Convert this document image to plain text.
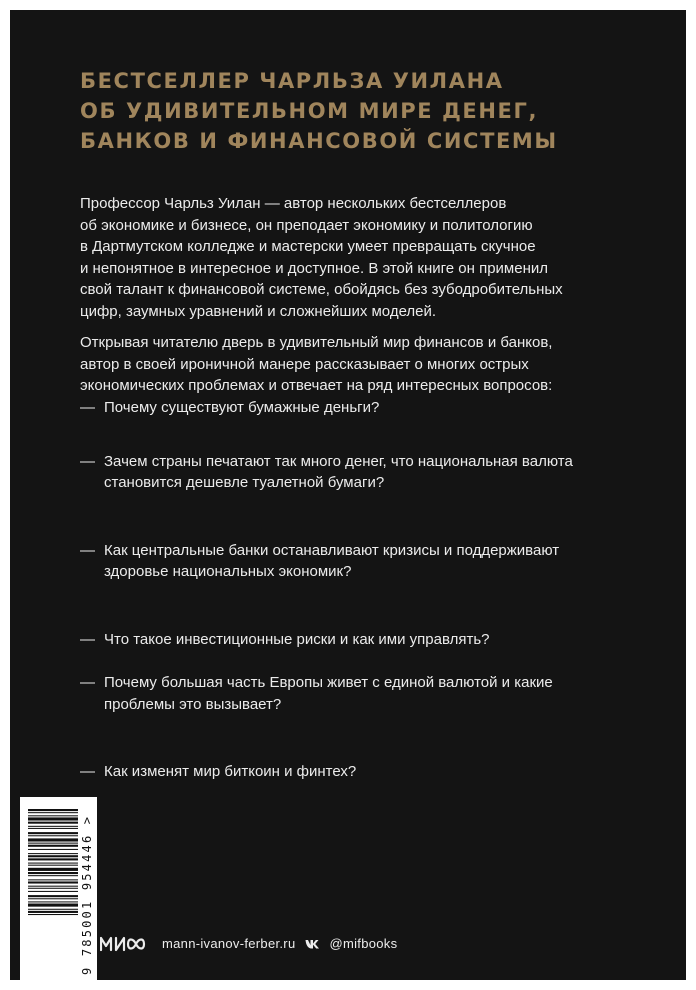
БЕСТСЕЛЛЕР ЧАРЛЬЗА УИЛАНА
ОБ УДИВИТЕЛЬНОМ МИРЕ ДЕНЕГ,
БАНКОВ И ФИНАНСОВОЙ СИСТЕМЫ
Профессор Чарльз Уилан — автор нескольких бестселлеров
об экономике и бизнесе, он преподает экономику и политологию
в Дартмутском колледже и мастерски умеет превращать скучное
и непонятное в интересное и доступное. В этой книге он применил
свой талант к финансовой системе, обойдясь без зубодробительных
цифр, заумных уравнений и сложнейших моделей.
Открывая читателю дверь в удивительный мир финансов и банков,
автор в своей ироничной манере рассказывает о многих острых
экономических проблемах и отвечает на ряд интересных вопросов:
— Почему существуют бумажные деньги?
— Зачем страны печатают так много денег, что национальная валюта
становится дешевле туалетной бумаги?
— Как центральные банки останавливают кризисы и поддерживают
здоровье национальных экономик?
— Что такое инвестиционные риски и как ими управлять?
— Почему большая часть Европы живет с единой валютой и какие
проблемы это вызывает?
— Как изменят мир биткоин и финтех?
9 785001 954446 >	mann-ivanov-ferber.ru	@mifbooks
